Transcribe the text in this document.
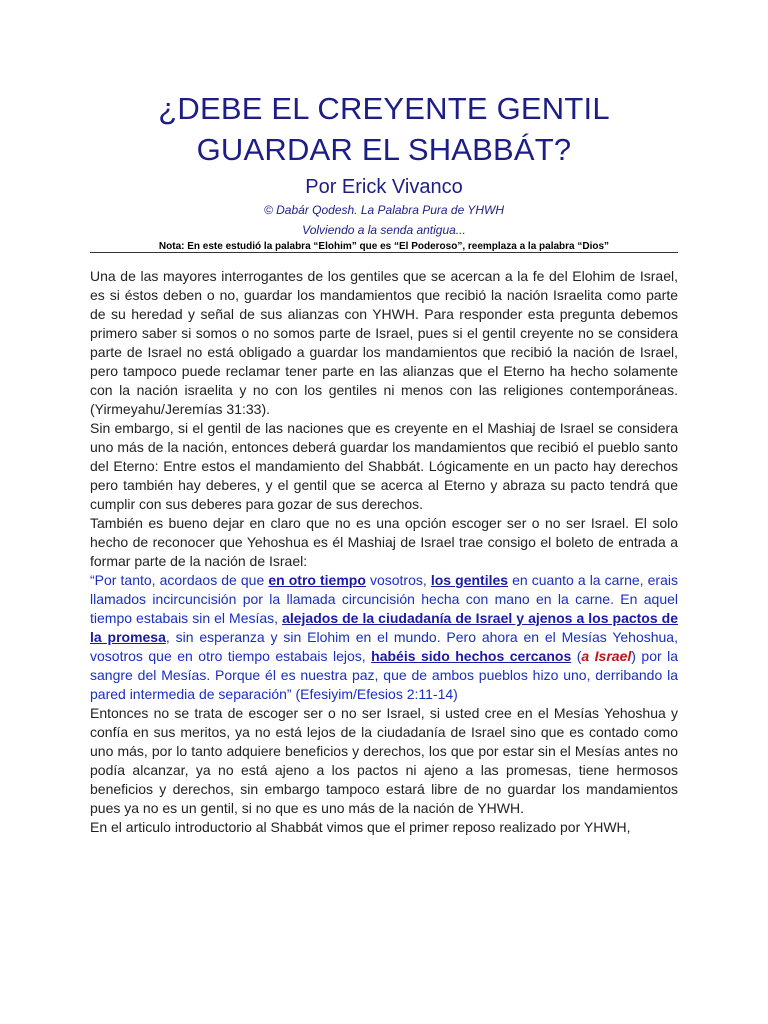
¿DEBE EL CREYENTE GENTIL
GUARDAR EL SHABBÁT?
Por Erick Vivanco
© Dabár Qodesh. La Palabra Pura de YHWH
Volviendo a la senda antigua...
Nota: En este estudió la palabra “Elohim” que es “El Poderoso”, reemplaza a la palabra “Dios”

Una de las mayores interrogantes de los gentiles que se acercan a la fe del Elohim de Israel, es si éstos deben o no, guardar los mandamientos que recibió la nación Israelita como parte de su heredad y señal de sus alianzas con YHWH. Para responder esta pregunta debemos primero saber si somos o no somos parte de Israel, pues si el gentil creyente no se considera parte de Israel no está obligado a guardar los mandamientos que recibió la nación de Israel, pero tampoco puede reclamar tener parte en las alianzas que el Eterno ha hecho solamente con la nación israelita y no con los gentiles ni menos con las religiones contemporáneas. (Yirmeyahu/Jeremías 31:33).

Sin embargo, si el gentil de las naciones que es creyente en el Mashiaj de Israel se considera uno más de la nación, entonces deberá guardar los mandamientos que recibió el pueblo santo del Eterno: Entre estos el mandamiento del Shabbát. Lógicamente en un pacto hay derechos pero también hay deberes, y el gentil que se acerca al Eterno y abraza su pacto tendrá que cumplir con sus deberes para gozar de sus derechos.

También es bueno dejar en claro que no es una opción escoger ser o no ser Israel. El solo hecho de reconocer que Yehoshua es él Mashiaj de Israel trae consigo el boleto de entrada a formar parte de la nación de Israel:

“Por tanto, acordaos de que en otro tiempo vosotros, los gentiles en cuanto a la carne, erais llamados incircuncisión por la llamada circuncisión hecha con mano en la carne. En aquel tiempo estabais sin el Mesías, alejados de la ciudadanía de Israel y ajenos a los pactos de la promesa, sin esperanza y sin Elohim en el mundo. Pero ahora en el Mesías Yehoshua, vosotros que en otro tiempo estabais lejos, habéis sido hechos cercanos (a Israel) por la sangre del Mesías. Porque él es nuestra paz, que de ambos pueblos hizo uno, derribando la pared intermedia de separación” (Efesiyim/Efesios 2:11-14)

Entonces no se trata de escoger ser o no ser Israel, si usted cree en el Mesías Yehoshua y confía en sus meritos, ya no está lejos de la ciudadanía de Israel sino que es contado como uno más, por lo tanto adquiere beneficios y derechos, los que por estar sin el Mesías antes no podía alcanzar, ya no está ajeno a los pactos ni ajeno a las promesas, tiene hermosos beneficios y derechos, sin embargo tampoco estará libre de no guardar los mandamientos pues ya no es un gentil, si no que es uno más de la nación de YHWH.

En el articulo introductorio al Shabbát vimos que el primer reposo realizado por YHWH,
